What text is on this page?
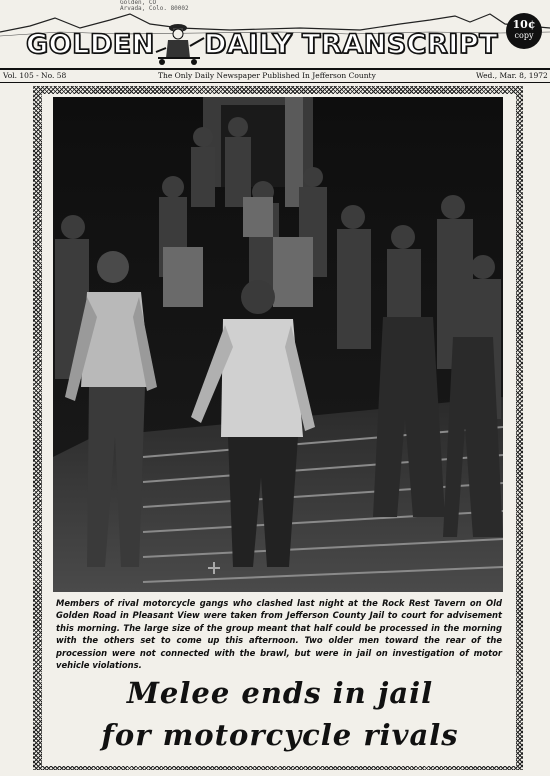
Golden, CO
Arvada, Colo. 80002
GOLDEN DAILY TRANSCRIPT
10¢
copy
Vol. 105 - No. 58	The Only Daily Newspaper Published In Jefferson County	Wed., Mar. 8, 1972
Members of rival motorcycle gangs who clashed last night at the Rock Rest Tavern on Old Golden Road in Pleasant View were taken from Jefferson County Jail to court for advisement this morning. The large size of the group meant that half could be processed in the morning with the others set to come up this afternoon. Two older men toward the rear of the procession were not connected with the brawl, but were in jail on investigation of motor vehicle violations.
Melee ends in jail
for motorcycle rivals
